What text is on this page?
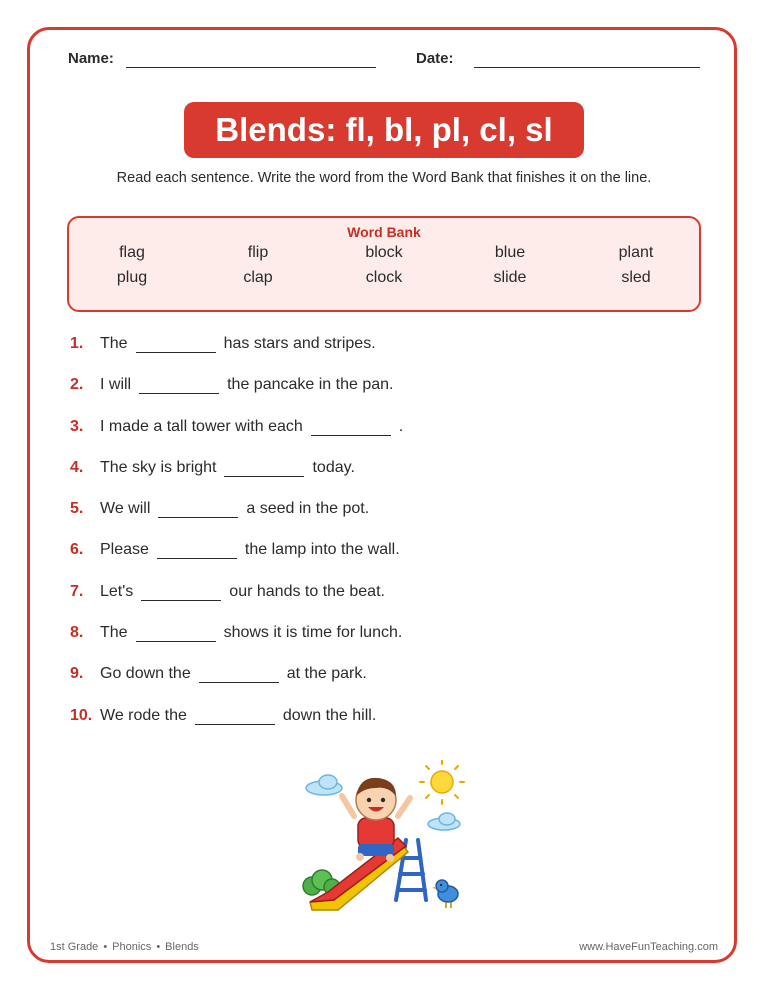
Name:	Date:
Blends: fl, bl, pl, cl, sl
Read each sentence. Write the word from the Word Bank that finishes it on the line.
Word Bank
flag	flip	block	blue	plant
plug	clap	clock	slide	sled
1.	The	has stars and stripes.
2.	I will	the pancake in the pan.
3.	I made a tall tower with each	.
4.	The sky is bright	today.
5.	We will	a seed in the pot.
6.	Please	the lamp into the wall.
7.	Let's	our hands to the beat.
8.	The	shows it is time for lunch.
9.	Go down the	at the park.
10. We rode the	down the hill.
1st Grade • Phonics • Blends	www.HaveFunTeaching.com
